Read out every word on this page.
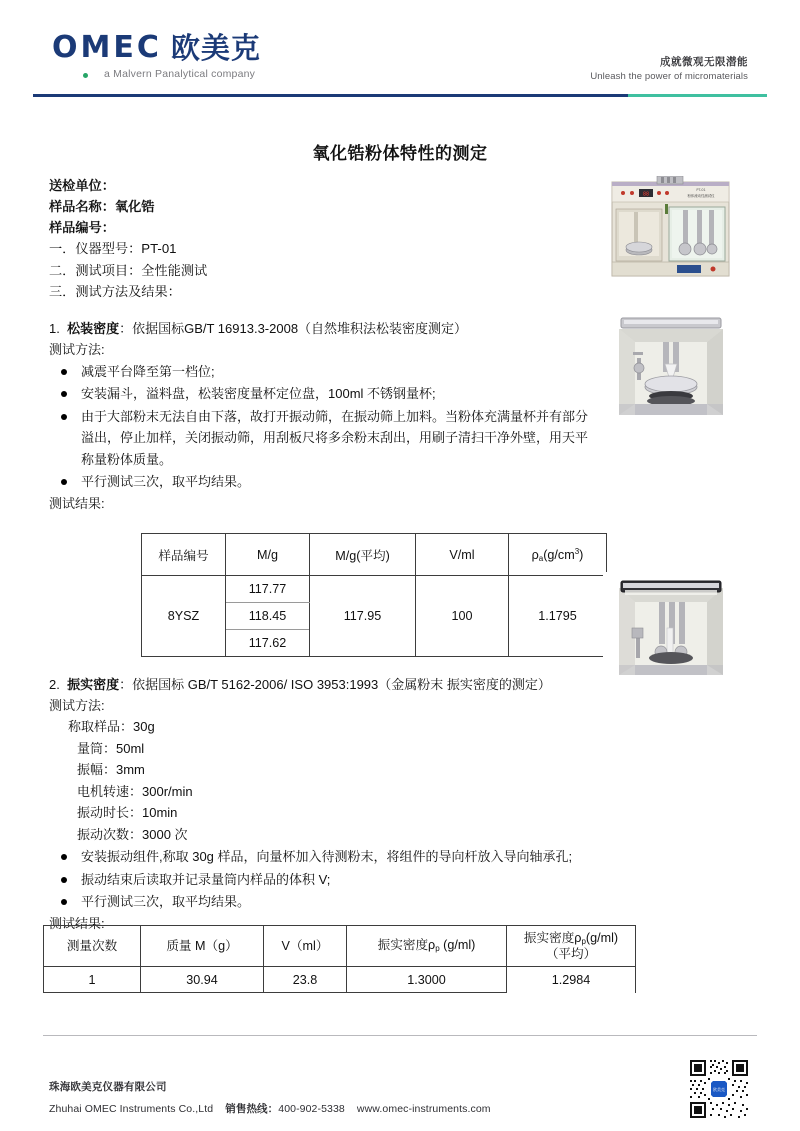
OMEC 欧美克
a Malvern Panalytical company
成就微观无限潜能
Unleash the power of micromaterials
氧化锆粉体特性的测定
送检单位：
样品名称：氧化锆
样品编号：
一．仪器型号：PT-01
二．测试项目：全性能测试
三．测试方法及结果：
1. 松装密度：依据国标GB/T 16913.3-2008（自然堆积法松装密度测定）
测试方法:
减震平台降至第一档位;
安装漏斗，溢料盘，松装密度量杯定位盘，100ml 不锈钢量杯;
由于大部粉末无法自由下落，故打开振动筛，在振动筛上加料。当粉体充满量杯并有部分溢出，停止加样，关闭振动筛，用刮板尺将多余粉末刮出，用刷子清扫干净外壁，用天平称量粉体质量。
平行测试三次，取平均结果。
测试结果:
样品编号	M/g	M/g(平均)	V/ml	$\rho_a(g/cm^3)$
8YSZ	117.77	117.95	100	1.1795
	118.45			
	117.62			
2. 振实密度：依据国标 GB/T 5162-2006/ ISO 3953:1993（金属粉末 振实密度的测定）
测试方法:
称取样品：30g
量筒：50ml
振幅：3mm
电机转速：300r/min
振动时长：10min
振动次数：3000 次
安装振动组件,称取 30g 样品，向量杯加入待测粉末，将组件的导向杆放入导向轴承孔;
振动结束后读取并记录量筒内样品的体积 V;
平行测试三次，取平均结果。
测试结果:
测量次数	质量 M（g）	V（ml）	振实密度$\rho_p$ (g/ml)	振实密度$\rho_p(g/ml)$
（平均）
1	30.94	23.8	1.3000	1.2984
88
PT-01
粉体流动性测试仪
珠海欧美克仪器有限公司
Zhuhai OMEC Instruments Co.,Ltd 销售热线：400-902-5338 www.omec-instruments.com
欧美克
